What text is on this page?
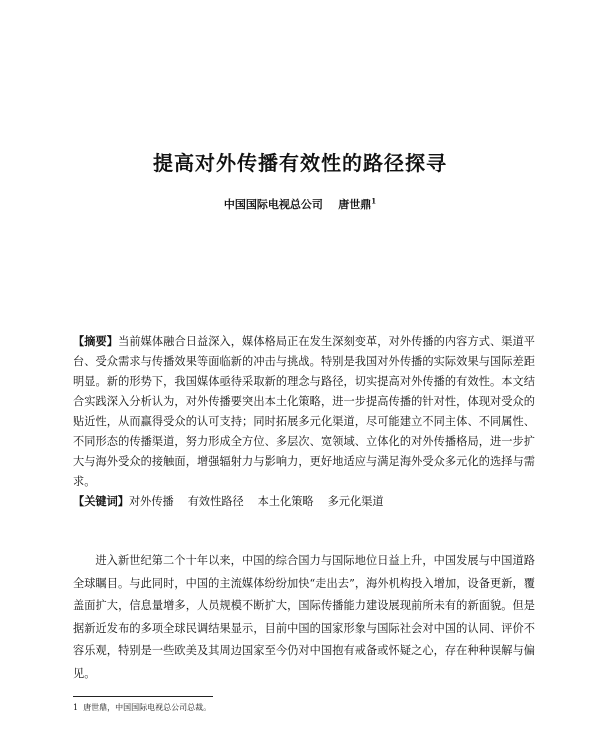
提高对外传播有效性的路径探寻
中国国际电视总公司 唐世鼎$^1$
【摘要】当前媒体融合日益深入，媒体格局正在发生深刻变革，对外传播的内容方式、渠道平台、受众需求与传播效果等面临新的冲击与挑战。特别是我国对外传播的实际效果与国际差距明显。新的形势下，我国媒体亟待采取新的理念与路径，切实提高对外传播的有效性。本文结合实践深入分析认为，对外传播要突出本土化策略，进一步提高传播的针对性，体现对受众的贴近性，从而赢得受众的认可支持；同时拓展多元化渠道，尽可能建立不同主体、不同属性、不同形态的传播渠道，努力形成全方位、多层次、宽领域、立体化的对外传播格局，进一步扩大与海外受众的接触面，增强辐射力与影响力，更好地适应与满足海外受众多元化的选择与需求。
【关键词】对外传播 有效性路径 本土化策略 多元化渠道
进入新世纪第二个十年以来，中国的综合国力与国际地位日益上升，中国发展与中国道路全球瞩目。与此同时，中国的主流媒体纷纷加快“走出去”，海外机构投入增加，设备更新，覆盖面扩大，信息量增多，人员规模不断扩大，国际传播能力建设展现前所未有的新面貌。但是据新近发布的多项全球民调结果显示，目前中国的国家形象与国际社会对中国的认同、评价不容乐观，特别是一些欧美及其周边国家至今仍对中国抱有戒备或怀疑之心，存在种种误解与偏见。
1 唐世鼎，中国国际电视总公司总裁。
